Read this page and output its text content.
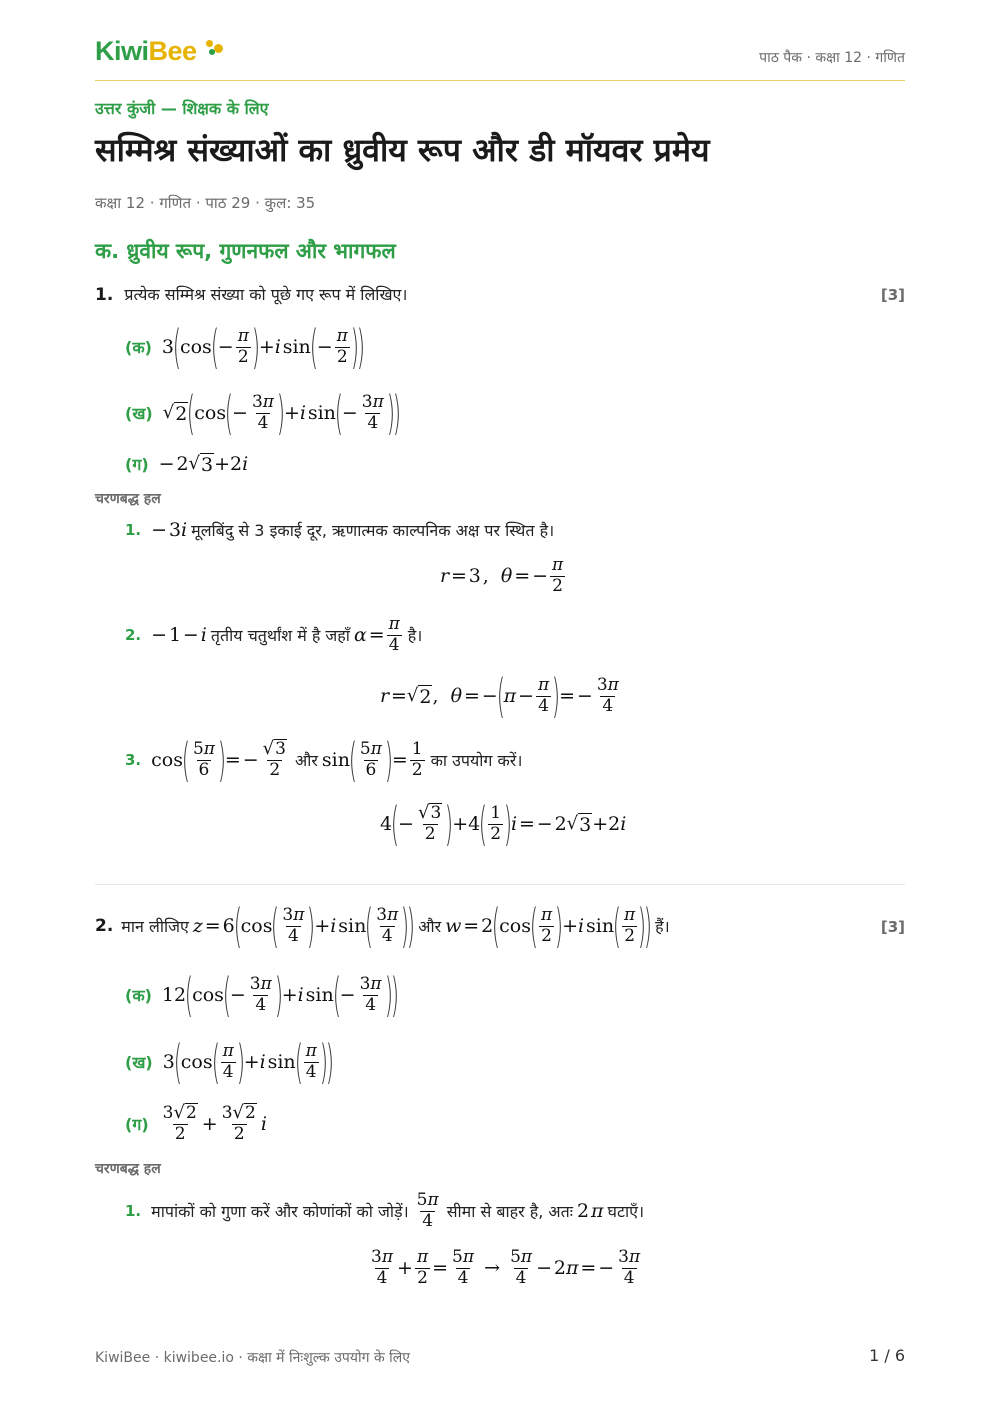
KiwiBee	पाठ पैक · कक्षा 12 · गणित
उत्तर कुंजी — शिक्षक के लिए
सम्मिश्र संख्याओं का ध्रुवीय रूप और डी मॉयवर प्रमेय
कक्षा 12 · गणित · पाठ 29 · कुल: 35
क. ध्रुवीय रूप, गुणनफल और भागफल
1. प्रत्येक सम्मिश्र संख्या को पूछे गए रूप में लिखिए।	[3]
(क) 3
(
cos
(
− $\frac{\pi}{2}$ )
+ i  sin
(
− $\frac{\pi}{2}$ )
)
(ख) √ 2 (
cos
(
− $\frac{3\pi}{4}$ )
+ i  sin
(
− $\frac{3\pi}{4}$ )
)
(ग) − 2 √ 3 +2 i
चरणबद्ध हल
1. − 3 i मूलबिंदु से 3 इकाई दूर, ऋणात्मक काल्पनिक अक्ष पर स्थित है।
r  = 3 , θ  = − $\frac{\pi}{2}$
2. − 1 −  i तृतीय चतुर्थांश में है जहाँ α  = $\frac{\pi}{4}$ है।
r  = √ 2 , θ  = −
(
π  − $\frac{\pi}{4}$ )
= − $\frac{3\pi}{4}$
3. cos
( $\frac{5\pi}{6}$ )
= − $\frac{√ 3}{2}$ और sin
( $\frac{5\pi}{6}$ )
= $\frac{1}{2}$ का उपयोग करें।
4
(
− $\frac{√ 3}{2}$ )
+4
( $\frac{1}{2}$ )
i  = − 2 √ 3 +2 i
2. मान लीजिए z  = 6
(
cos
( $\frac{3\pi}{4}$ )
+ i  sin
( $\frac{3\pi}{4}$ )
) और w  = 2
(
cos
( $\frac{\pi}{2}$ )
+ i  sin
( $\frac{\pi}{2}$ )
) हैं।	[3]
(क) 12
(
cos
(
− $\frac{3\pi}{4}$ )
+ i  sin
(
− $\frac{3\pi}{4}$ )
)
(ख) 3
(
cos
( $\frac{\pi}{4}$ )
+ i  sin
( $\frac{\pi}{4}$ )
)
(ग) $\frac{3 √ 2}{2} + \frac{3 √ 2}{2}$ i
चरणबद्ध हल
1. मापांकों को गुणा करें और कोणांकों को जोड़ें। $\frac{5\pi}{4}$ सीमा से बाहर है, अतः 2  π घटाएँ।
$\frac{3\pi}{4} + \frac{\pi}{2} = \frac{5\pi}{4} \to \frac{5\pi}{4}$ − 2 π  = − $\frac{3\pi}{4}$
KiwiBee · kiwibee.io · कक्षा में निःशुल्क उपयोग के लिए	1 / 6
